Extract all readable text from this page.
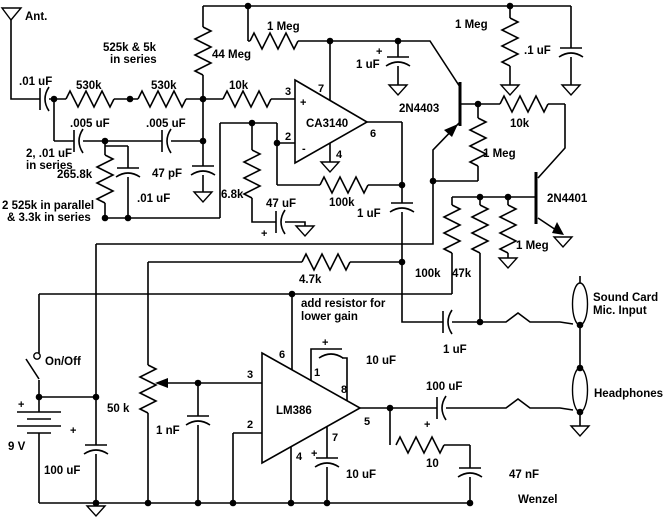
525k & 5k
in series
2, .01 uF
in series
2 525k in parallel
& 3.3k in series
add resistor for
lower gain
Ant.
.01 uF 530k	530k	10k
.005 uF	.005 uF
265.8k
.01 uF
47 pF
44 Meg
1 Meg
1 uF
CA3140
3
2
7
4
6
+
-
6.8k
47 uF	100k
1 Meg
.1 uF
2N4403
10k
1 Meg
1 uF
4.7k
1 uF
100k 47k
2N4401
1 Meg
On/Off
9 V
100 uF
50 k
1 nF
LM386
3
2
6
1
8
5
7
4
10 uF
10 uF
100 uF
10
47 nF
Sound Card
Mic. Input
Headphones
Wenzel
+
+
+
+
+
+	+
